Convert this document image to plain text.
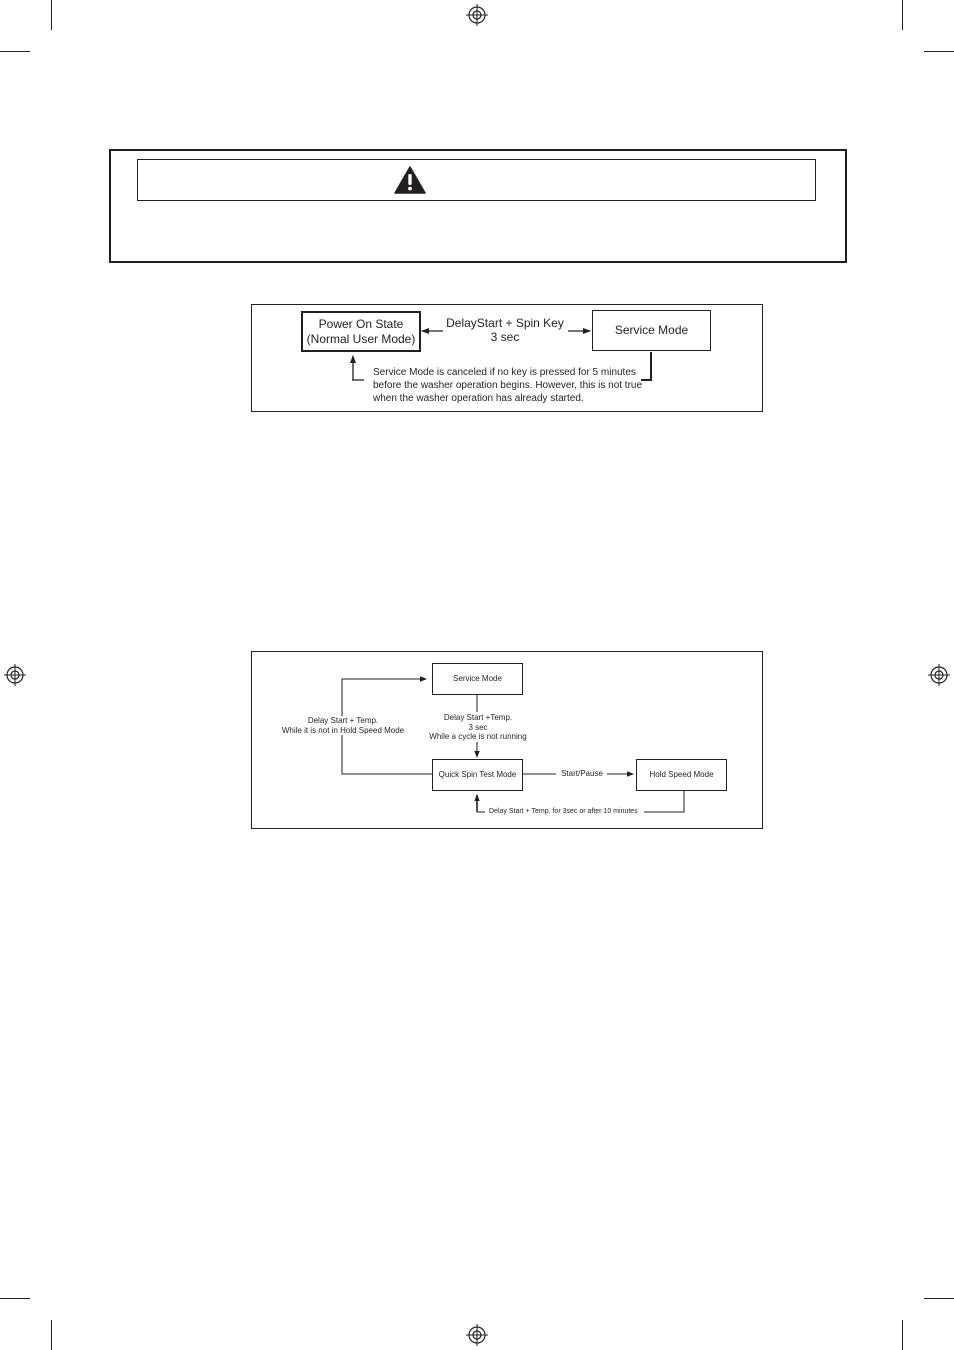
Power On State
(Normal User Mode)
Service Mode
DelayStart + Spin Key
3 sec
Service Mode is canceled if no key is pressed for 5 minutes
before the washer operation begins. However, this is not true
when the washer operation has already started.
Service Mode
Quick Spin Test Mode	Hold Speed Mode
Delay Start + Temp.
While it is not in Hold Speed Mode
Delay Start +Temp.
3 sec
While a cycle is not running
Start/Pause
Delay Start + Temp. for 3sec or after 10 minutes
